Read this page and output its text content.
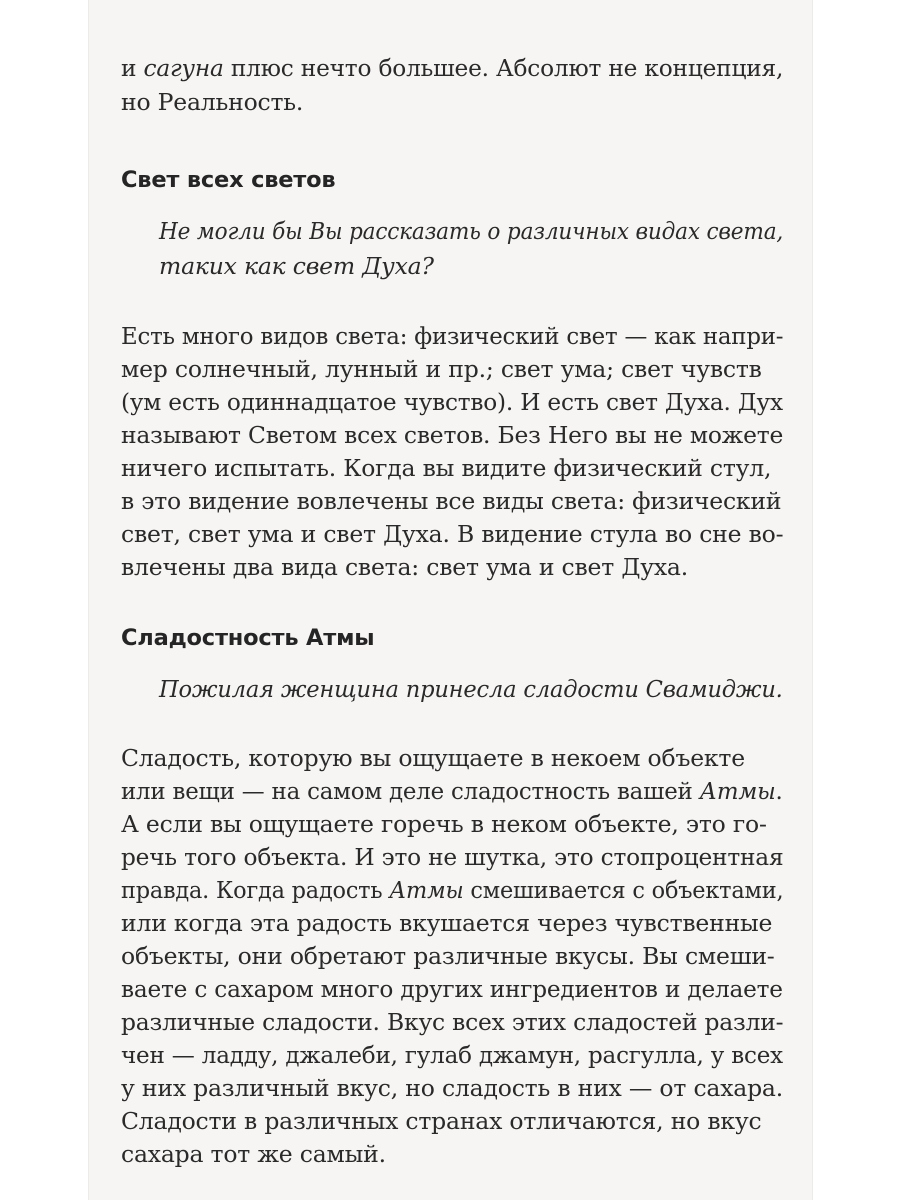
и сагуна плюс нечто большее. Абсолют не концепция,
но Реальность.
Свет всех светов
Не могли бы Вы рассказать о различных видах света,
таких как свет Духа?
Есть много видов света: физический свет — как напри-
мер солнечный, лунный и пр.; свет ума; свет чувств
(ум есть одиннадцатое чувство). И есть свет Духа. Дух
называют Светом всех светов. Без Него вы не можете
ничего испытать. Когда вы видите физический стул,
в это видение вовлечены все виды света: физический
свет, свет ума и свет Духа. В видение стула во сне во-
влечены два вида света: свет ума и свет Духа.
Сладостность Атмы
Пожилая женщина принесла сладости Свамиджи.
Сладость, которую вы ощущаете в некоем объекте
или вещи — на самом деле сладостность вашей Атмы.
А если вы ощущаете горечь в неком объекте, это го-
речь того объекта. И это не шутка, это стопроцентная
правда. Когда радость Атмы смешивается с объектами,
или когда эта радость вкушается через чувственные
объекты, они обретают различные вкусы. Вы смеши-
ваете с сахаром много других ингредиентов и делаете
различные сладости. Вкус всех этих сладостей разли-
чен — ладду, джалеби, гулаб джамун, расгулла, у всех
у них различный вкус, но сладость в них — от сахара.
Сладости в различных странах отличаются, но вкус
сахара тот же самый.
